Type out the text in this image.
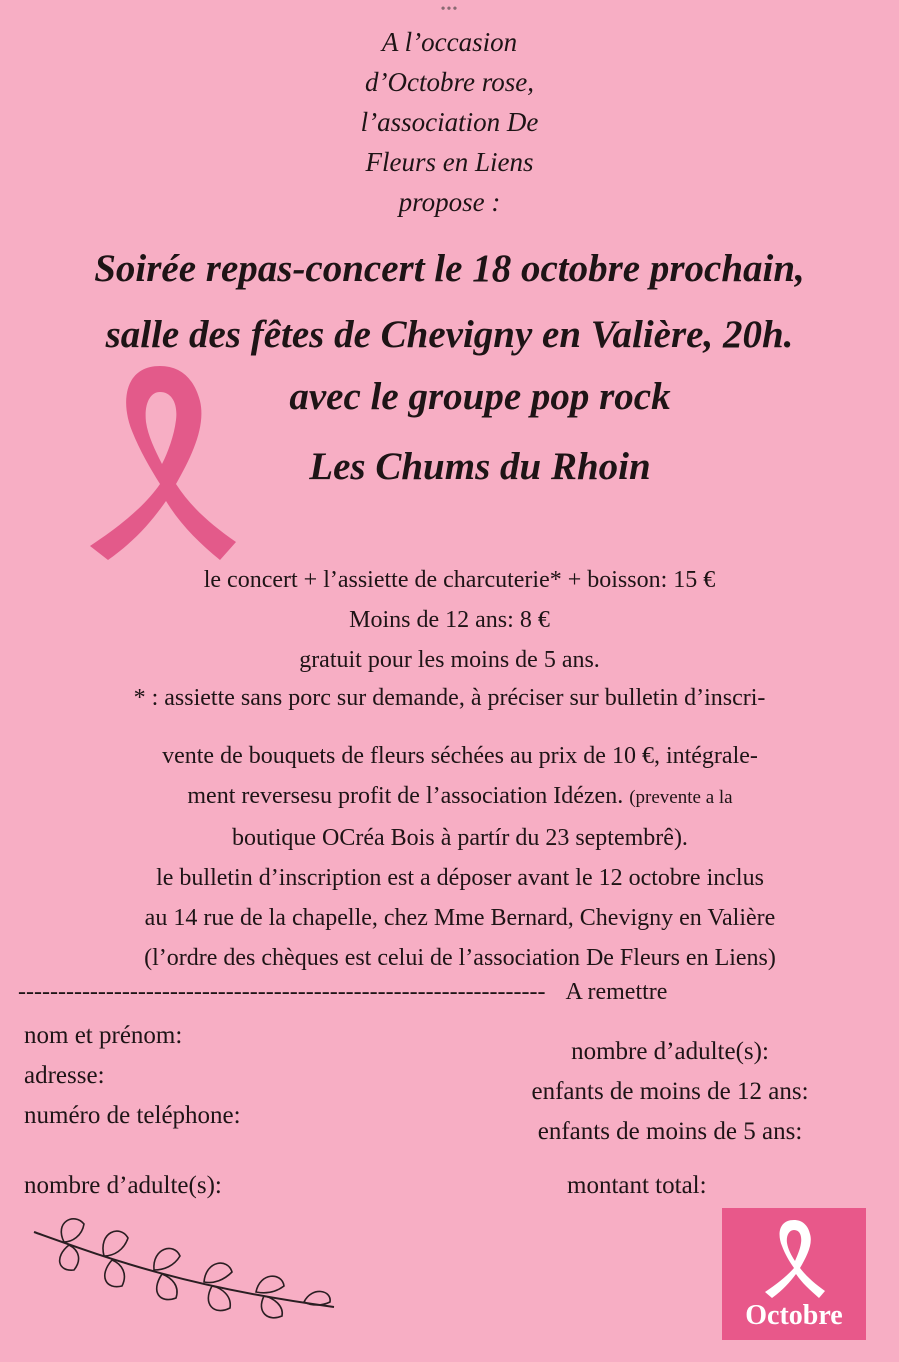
•••
A l’occasion
d’Octobre rose,
l’association De
Fleurs en Liens
propose :
Soirée repas-concert le 18 octobre prochain,
salle des fêtes de Chevigny en Valière, 20h.
avec le groupe pop rock
Les Chums du Rhoin
le concert + l’assiette de charcuterie* + boisson: 15 €
Moins de 12 ans: 8 €
gratuit pour les moins de 5 ans.
* : assiette sans porc sur demande, à préciser sur bulletin d’inscri-
vente de bouquets de fleurs séchées au prix de 10 €, intégrale-
ment reversesu profit de l’association Idézen. (prevente a la
boutique OCréa Bois à partír du 23 septembrê).
le bulletin d’inscription est a déposer avant le 12 octobre inclus
au 14 rue de la chapelle, chez Mme Bernard, Chevigny en Valière
(l’ordre des chèques est celui de l’association De Fleurs en Liens)
------------------------------------------------------------------ A remettre
nom et prénom:
adresse:
numéro de teléphone:
nombre d’adulte(s):
enfants de moins de 12 ans:
enfants de moins de 5 ans:
nombre d’adulte(s):	montant total:
Octobre
